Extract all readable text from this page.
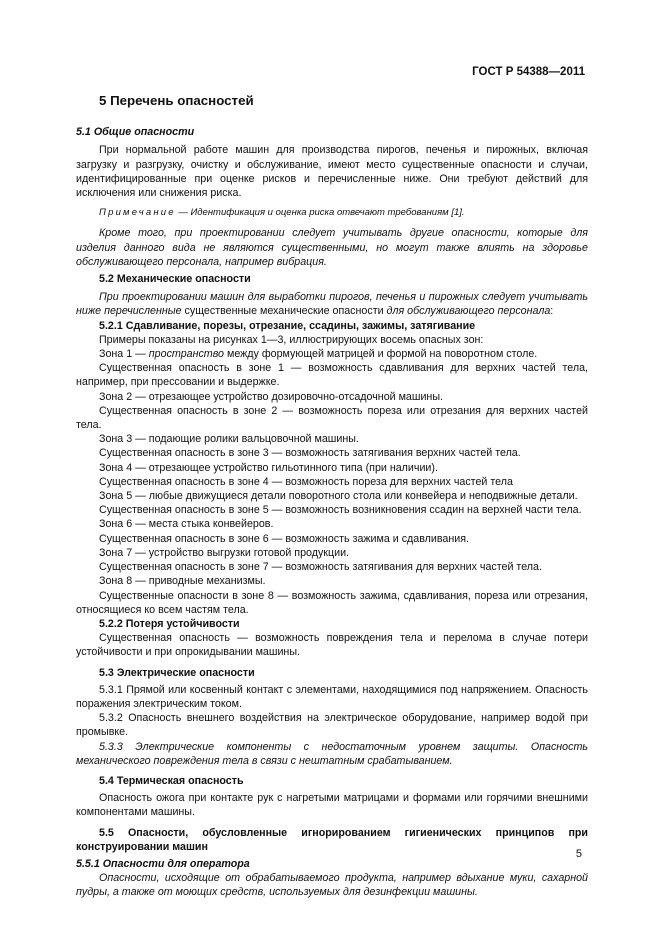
ГОСТ Р 54388—2011

5 Перечень опасностей

5.1 Общие опасности

При нормальной работе машин для производства пирогов, печенья и пирожных, включая загрузку и разгрузку, очистку и обслуживание, имеют место существенные опасности и случаи, идентифицированные при оценке рисков и перечисленные ниже. Они требуют действий для исключения или снижения риска.

Примечание — Идентификация и оценка риска отвечают требованиям [1].

Кроме того, при проектировании следует учитывать другие опасности, которые для изделия данного вида не являются существенными, но могут также влиять на здоровье обслуживающего персонала, например вибрация.

5.2 Механические опасности

При проектировании машин для выработки пирогов, печенья и пирожных следует учитывать ниже перечисленные существенные механические опасности для обслуживающего персонала:

5.2.1 Сдавливание, порезы, отрезание, ссадины, зажимы, затягивание

Примеры показаны на рисунках 1—3, иллюстрирующих восемь опасных зон:

Зона 1 — пространство между формующей матрицей и формой на поворотном столе.

Существенная опасность в зоне 1 — возможность сдавливания для верхних частей тела, например, при прессовании и выдержке.

Зона 2 — отрезающее устройство дозировочно-отсадочной машины.

Существенная опасность в зоне 2 — возможность пореза или отрезания для верхних частей тела.

Зона 3 — подающие ролики вальцовочной машины.

Существенная опасность в зоне 3 — возможность затягивания верхних частей тела.

Зона 4 — отрезающее устройство гильотинного типа (при наличии).

Существенная опасность в зоне 4 — возможность пореза для верхних частей тела

Зона 5 — любые движущиеся детали поворотного стола или конвейера и неподвижные детали.

Существенная опасность в зоне 5 — возможность возникновения ссадин на верхней части тела.

Зона 6 — места стыка конвейеров.

Существенная опасность в зоне 6 — возможность зажима и сдавливания.

Зона 7 — устройство выгрузки готовой продукции.

Существенная опасность в зоне 7 — возможность затягивания для верхних частей тела.

Зона 8 — приводные механизмы.

Существенные опасности в зоне 8 — возможность зажима, сдавливания, пореза или отрезания, относящиеся ко всем частям тела.

5.2.2 Потеря устойчивости

Существенная опасность — возможность повреждения тела и перелома в случае потери устойчивости и при опрокидывании машины.

5.3 Электрические опасности

5.3.1 Прямой или косвенный контакт с элементами, находящимися под напряжением. Опасность поражения электрическим током.

5.3.2 Опасность внешнего воздействия на электрическое оборудование, например водой при промывке.

5.3.3 Электрические компоненты с недостаточным уровнем защиты. Опасность механического повреждения тела в связи с нештатным срабатыванием.

5.4 Термическая опасность

Опасность ожога при контакте рук с нагретыми матрицами и формами или горячими внешними компонентами машины.

5.5 Опасности, обусловленные игнорированием гигиенических принципов при конструировании машин

5.5.1 Опасности для оператора

Опасности, исходящие от обрабатываемого продукта, например вдыхание муки, сахарной пудры, а также от моющих средств, используемых для дезинфекции машины.

5
